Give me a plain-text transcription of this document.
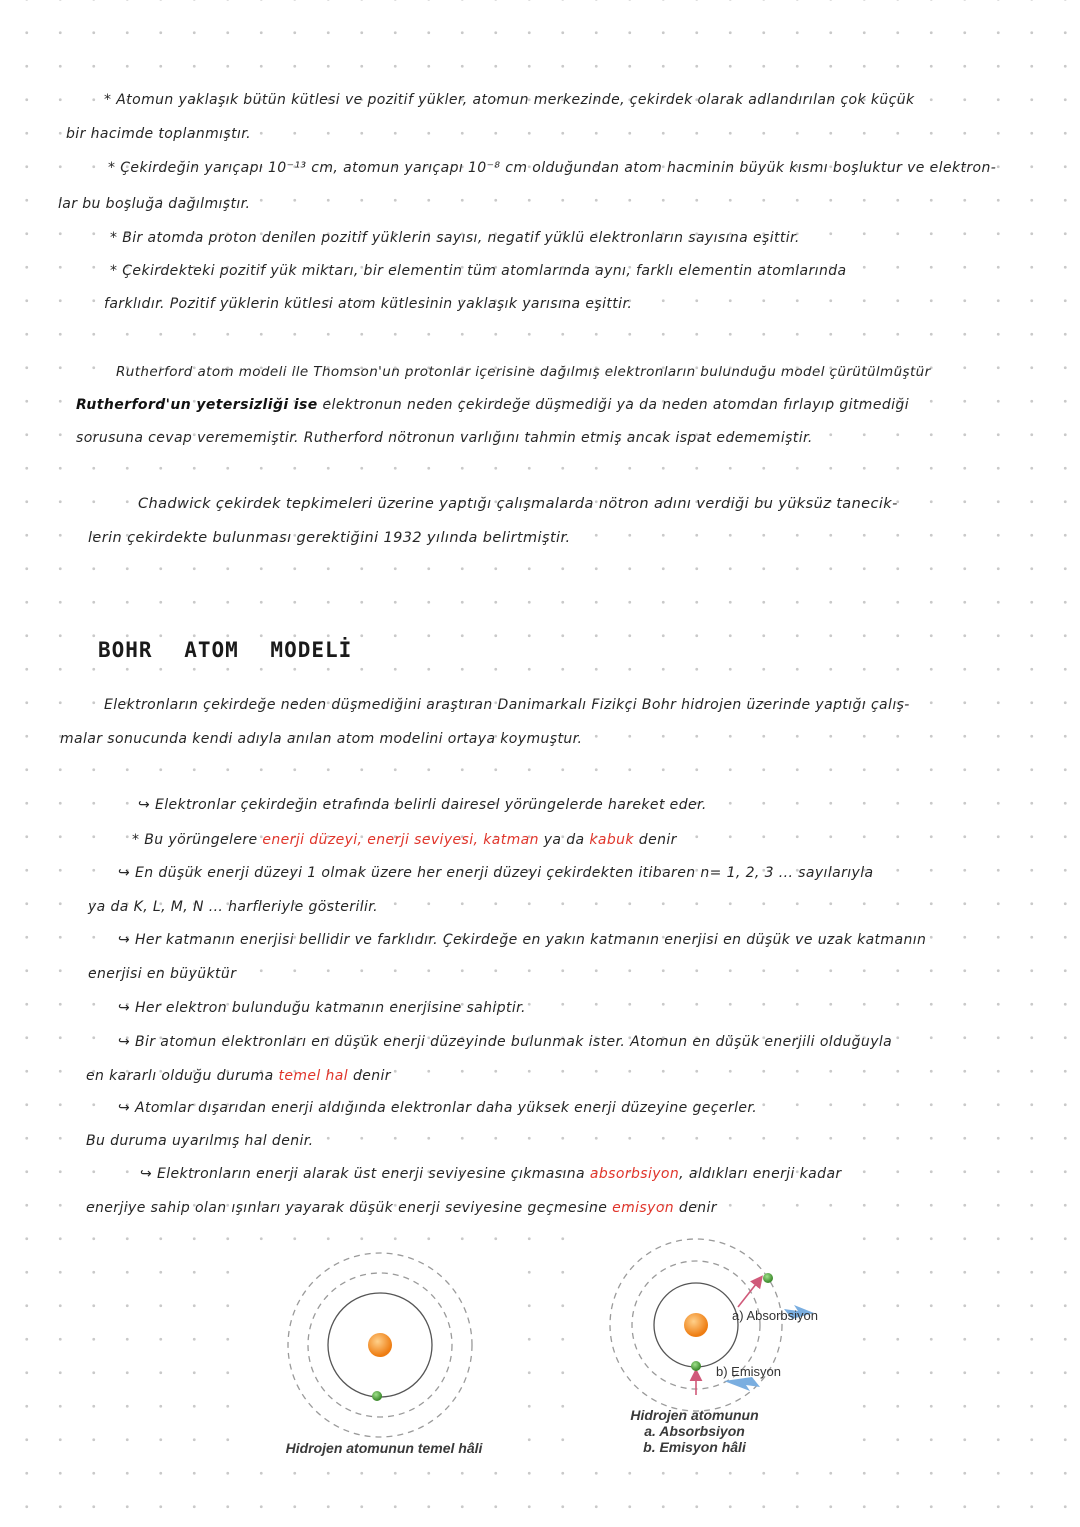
* Atomun yaklaşık bütün kütlesi ve pozitif yükler, atomun merkezinde, çekirdek olarak adlandırılan çok küçük
bir hacimde toplanmıştır.
* Çekirdeğin yarıçapı 10⁻¹³ cm, atomun yarıçapı 10⁻⁸ cm olduğundan atom hacminin büyük kısmı boşluktur ve elektron-
lar bu boşluğa dağılmıştır.
* Bir atomda proton denilen pozitif yüklerin sayısı, negatif yüklü elektronların sayısına eşittir.
* Çekirdekteki pozitif yük miktarı, bir elementin tüm atomlarında aynı, farklı elementin atomlarında
farklıdır. Pozitif yüklerin kütlesi atom kütlesinin yaklaşık yarısına eşittir.
Rutherford atom modeli ile Thomson'un protonlar içerisine dağılmış elektronların bulunduğu model çürütülmüştür
Rutherford'un yetersizliği ise elektronun neden çekirdeğe düşmediği ya da neden atomdan fırlayıp gitmediği
sorusuna cevap verememiştir. Rutherford nötronun varlığını tahmin etmiş ancak ispat edememiştir.
Chadwick çekirdek tepkimeleri üzerine yaptığı çalışmalarda nötron adını verdiği bu yüksüz tanecik-
lerin çekirdekte bulunması gerektiğini 1932 yılında belirtmiştir.
BOHR ATOM MODELİ
Elektronların çekirdeğe neden düşmediğini araştıran Danimarkalı Fizikçi Bohr hidrojen üzerinde yaptığı çalış-
malar sonucunda kendi adıyla anılan atom modelini ortaya koymuştur.
↪ Elektronlar çekirdeğin etrafında belirli dairesel yörüngelerde hareket eder.
* Bu yörüngelere enerji düzeyi, enerji seviyesi, katman ya da kabuk denir
↪ En düşük enerji düzeyi 1 olmak üzere her enerji düzeyi çekirdekten itibaren n= 1, 2, 3 ... sayılarıyla
ya da K, L, M, N ... harfleriyle gösterilir.
↪ Her katmanın enerjisi bellidir ve farklıdır. Çekirdeğe en yakın katmanın enerjisi en düşük ve uzak katmanın
enerjisi en büyüktür
↪ Her elektron bulunduğu katmanın enerjisine sahiptir.
↪ Bir atomun elektronları en düşük enerji düzeyinde bulunmak ister. Atomun en düşük enerjili olduğuyla
en kararlı olduğu duruma temel hal denir
↪ Atomlar dışarıdan enerji aldığında elektronlar daha yüksek enerji düzeyine geçerler.
Bu duruma uyarılmış hal denir.
↪ Elektronların enerji alarak üst enerji seviyesine çıkmasına absorbsiyon, aldıkları enerji kadar
enerjiye sahip olan ışınları yayarak düşük enerji seviyesine geçmesine emisyon denir
Hidrojen atomunun temel hâli
a) Absorbsiyon
b) Emisyon
Hidrojen atomunun
a. Absorbsiyon
b. Emisyon hâli
